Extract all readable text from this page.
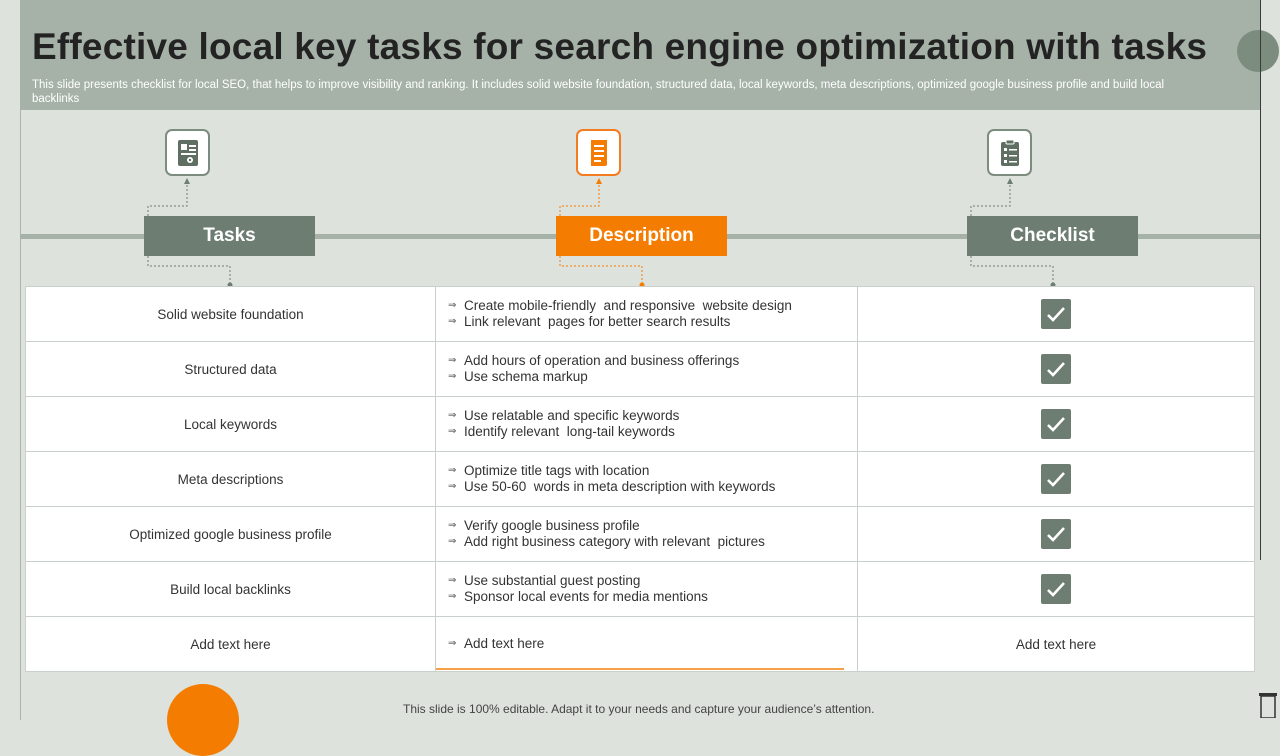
Effective local key tasks for search engine optimization with tasks
This slide presents checklist for local SEO, that helps to improve visibility and ranking. It includes solid website foundation, structured data, local keywords, meta descriptions, optimized google business profile and build local backlinks
Tasks	Description	Checklist
Solid website foundation	⇒ Create mobile-friendly  and responsive  website design
⇒ Link relevant  pages for better search results

Structured data	⇒ Add hours of operation and business offerings
⇒ Use schema markup

Local keywords	⇒ Use relatable and specific keywords
⇒ Identify relevant  long-tail keywords

Meta descriptions	⇒ Optimize title tags with location
⇒ Use 50-60  words in meta description with keywords

Optimized google business profile	⇒ Verify google business profile
⇒ Add right business category with relevant  pictures

Build local backlinks	⇒ Use substantial guest posting
⇒ Sponsor local events for media mentions

Add text here	⇒ Add text here	Add text here
This slide is 100% editable. Adapt it to your needs and capture your audience’s attention.
